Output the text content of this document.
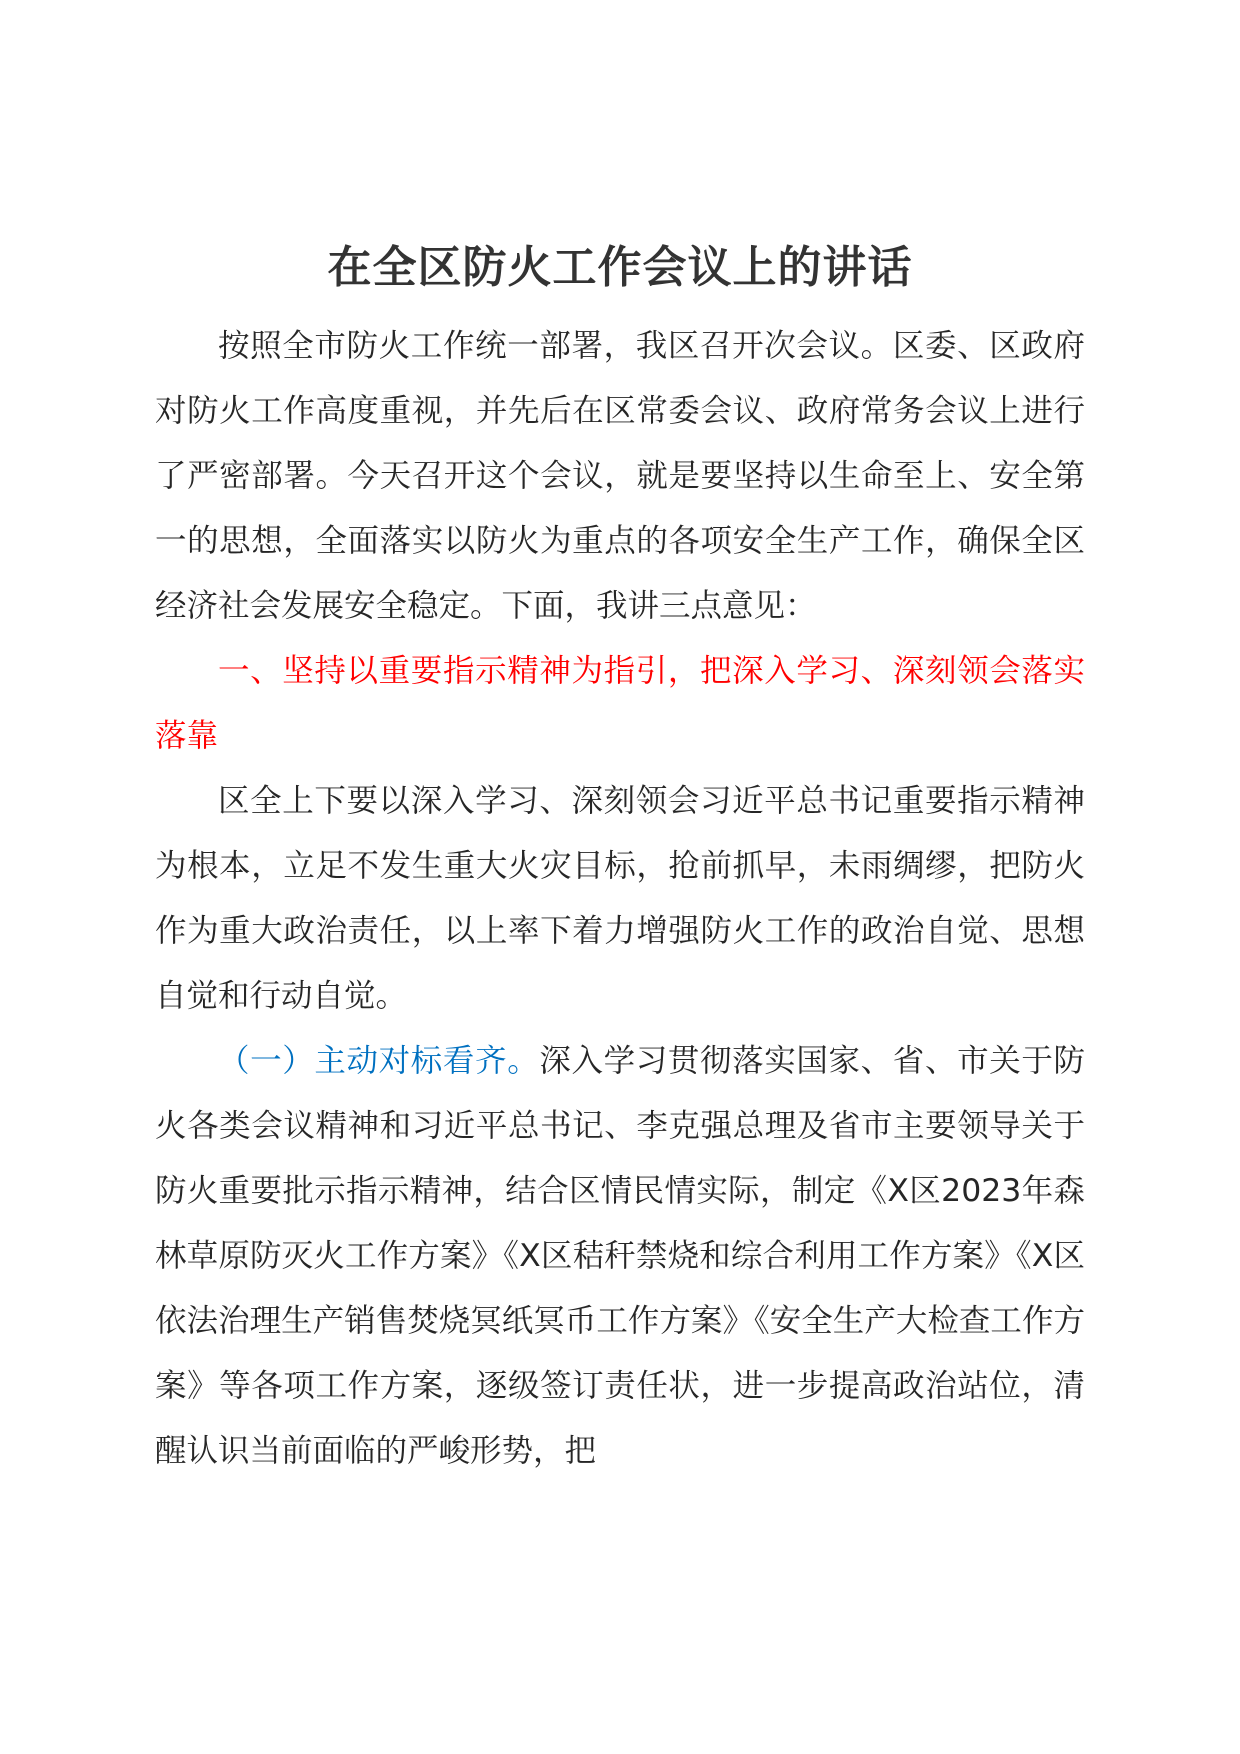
在全区防火工作会议上的讲话

按照全市防火工作统一部署，我区召开次会议。区委、区政府对防火工作高度重视，并先后在区常委会议、政府常务会议上进行了严密部署。今天召开这个会议，就是要坚持以生命至上、安全第一的思想，全面落实以防火为重点的各项安全生产工作，确保全区经济社会发展安全稳定。下面，我讲三点意见：

一、坚持以重要指示精神为指引，把深入学习、深刻领会落实落靠

区全上下要以深入学习、深刻领会习近平总书记重要指示精神为根本，立足不发生重大火灾目标，抢前抓早，未雨绸缪，把防火作为重大政治责任，以上率下着力增强防火工作的政治自觉、思想自觉和行动自觉。

（一）主动对标看齐。深入学习贯彻落实国家、省、市关于防火各类会议精神和习近平总书记、李克强总理及省市主要领导关于防火重要批示指示精神，结合区情民情实际，制定《X区2023年森林草原防灭火工作方案》《X区秸秆禁烧和综合利用工作方案》《X区依法治理生产销售焚烧冥纸冥币工作方案》《安全生产大检查工作方案》等各项工作方案，逐级签订责任状，进一步提高政治站位，清醒认识当前面临的严峻形势，把
